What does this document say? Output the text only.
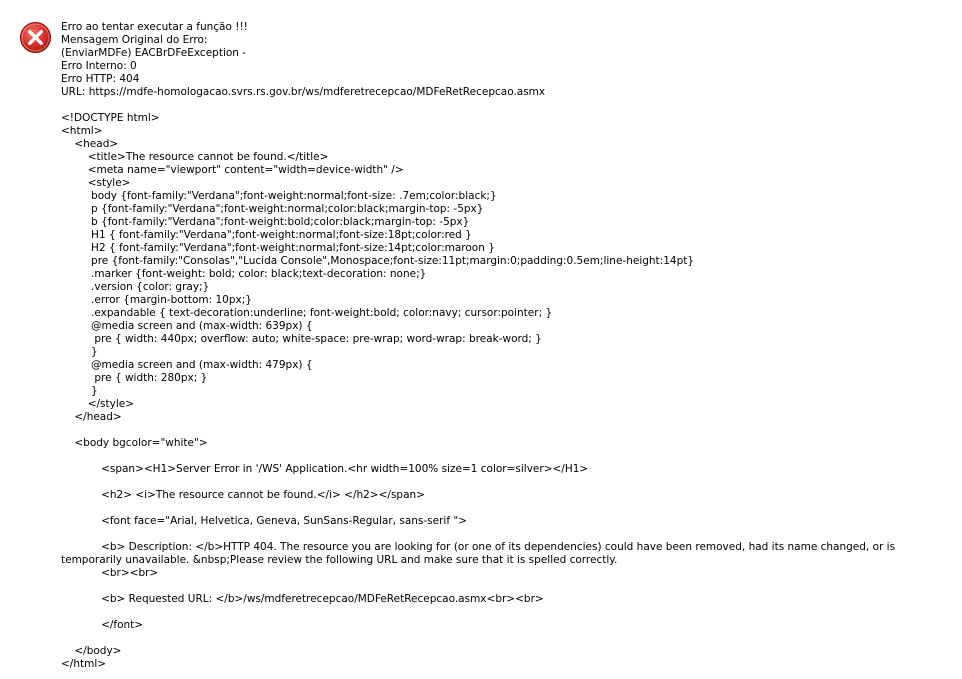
Erro ao tentar executar a função !!!
Mensagem Original do Erro:
(EnviarMDFe) EACBrDFeException -
Erro Interno: 0
Erro HTTP: 404
URL: https://mdfe-homologacao.svrs.rs.gov.br/ws/mdferetrecepcao/MDFeRetRecepcao.asmx
<!DOCTYPE html>
<html>
<head>
<title>The resource cannot be found.</title>
<meta name="viewport" content="width=device-width" />
<style>
body {font-family:"Verdana";font-weight:normal;font-size: .7em;color:black;}
p {font-family:"Verdana";font-weight:normal;color:black;margin-top: -5px}
b {font-family:"Verdana";font-weight:bold;color:black;margin-top: -5px}
H1 { font-family:"Verdana";font-weight:normal;font-size:18pt;color:red }
H2 { font-family:"Verdana";font-weight:normal;font-size:14pt;color:maroon }
pre {font-family:"Consolas","Lucida Console",Monospace;font-size:11pt;margin:0;padding:0.5em;line-height:14pt}
.marker {font-weight: bold; color: black;text-decoration: none;}
.version {color: gray;}
.error {margin-bottom: 10px;}
.expandable { text-decoration:underline; font-weight:bold; color:navy; cursor:pointer; }
@media screen and (max-width: 639px) {
pre { width: 440px; overflow: auto; white-space: pre-wrap; word-wrap: break-word; }
}
@media screen and (max-width: 479px) {
pre { width: 280px; }
}
</style>
</head>
<body bgcolor="white">
<span><H1>Server Error in '/WS' Application.<hr width=100% size=1 color=silver></H1>
<h2> <i>The resource cannot be found.</i> </h2></span>
<font face="Arial, Helvetica, Geneva, SunSans-Regular, sans-serif ">
<b> Description: </b>HTTP 404. The resource you are looking for (or one of its dependencies) could have been removed, had its name changed, or is temporarily unavailable. &nbsp;Please review the following URL and make sure that it is spelled correctly.
<br><br>
<b> Requested URL: </b>/ws/mdferetrecepcao/MDFeRetRecepcao.asmx<br><br>
</font>
</body>
</html>
